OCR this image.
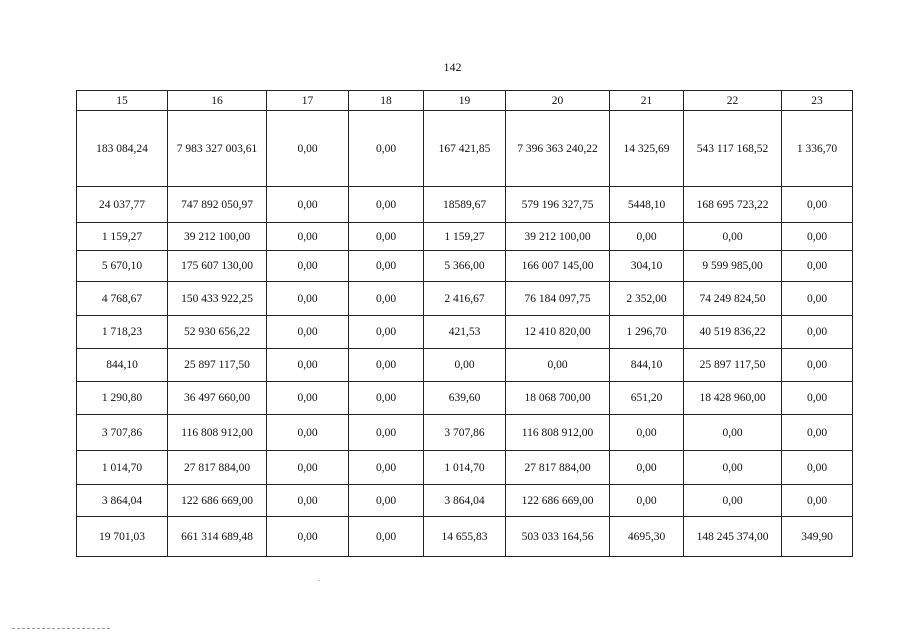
142
15	16	17	18	19	20	21	22	23
183 084,24	7 983 327 003,61	0,00	0,00	167 421,85	7 396 363 240,22	14 325,69	543 117 168,52	1 336,70
24 037,77	747 892 050,97	0,00	0,00	18589,67	579 196 327,75	5448,10	168 695 723,22	0,00
1 159,27	39 212 100,00	0,00	0,00	1 159,27	39 212 100,00	0,00	0,00	0,00
5 670,10	175 607 130,00	0,00	0,00	5 366,00	166 007 145,00	304,10	9 599 985,00	0,00
4 768,67	150 433 922,25	0,00	0,00	2 416,67	76 184 097,75	2 352,00	74 249 824,50	0,00
1 718,23	52 930 656,22	0,00	0,00	421,53	12 410 820,00	1 296,70	40 519 836,22	0,00
844,10	25 897 117,50	0,00	0,00	0,00	0,00	844,10	25 897 117,50	0,00
1 290,80	36 497 660,00	0,00	0,00	639,60	18 068 700,00	651,20	18 428 960,00	0,00
3 707,86	116 808 912,00	0,00	0,00	3 707,86	116 808 912,00	0,00	0,00	0,00
1 014,70	27 817 884,00	0,00	0,00	1 014,70	27 817 884,00	0,00	0,00	0,00
3 864,04	122 686 669,00	0,00	0,00	3 864,04	122 686 669,00	0,00	0,00	0,00
19 701,03	661 314 689,48	0,00	0,00	14 655,83	503 033 164,56	4695,30	148 245 374,00	349,90
